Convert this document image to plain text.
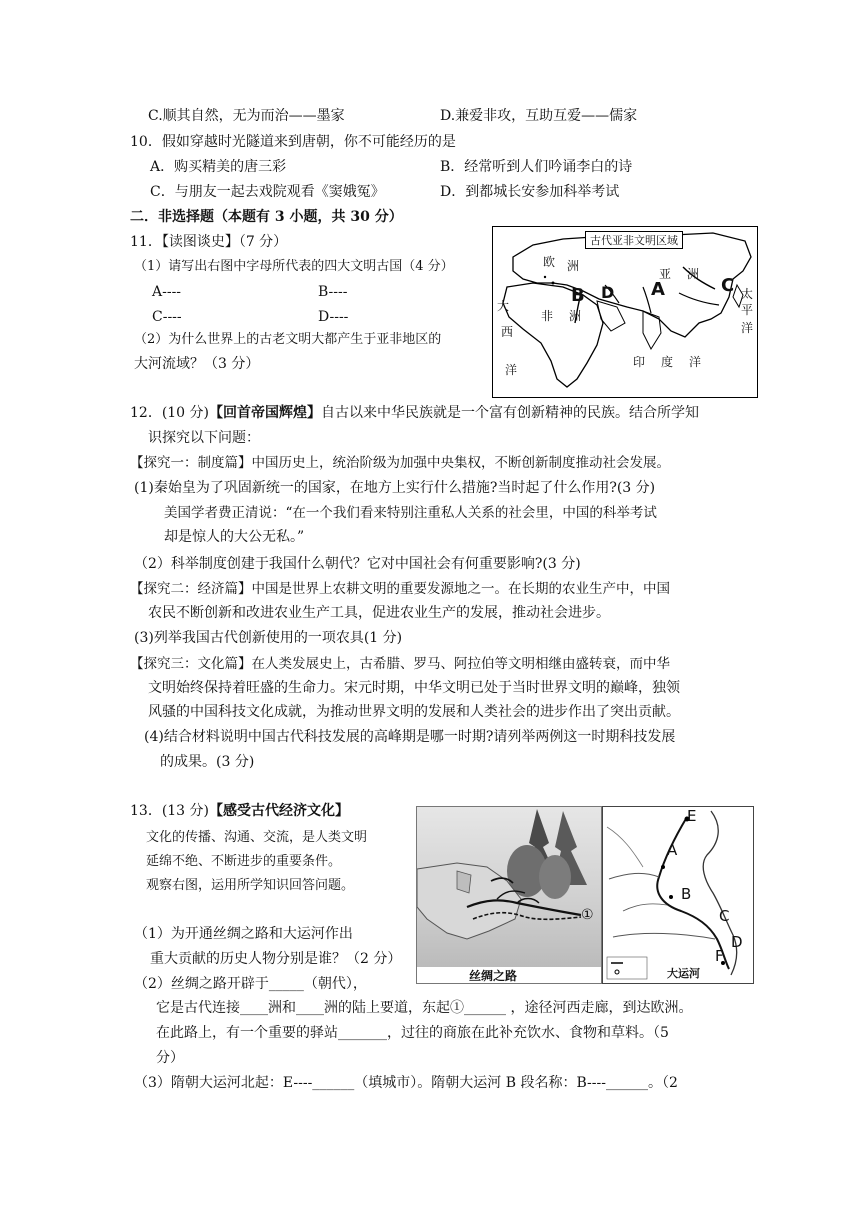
C.顺其自然，无为而治——墨家	D.兼爱非攻，互助互爱——儒家
10．假如穿越时光隧道来到唐朝，你不可能经历的是
A．购买精美的唐三彩	B．经常听到人们吟诵李白的诗
C．与朋友一起去戏院观看《窦娥冤》	D．到都城长安参加科举考试
二．非选择题（本题有 3 小题，共 30 分）
11．【读图谈史】（7 分）
（1）请写出右图中字母所代表的四大文明古国（4 分）
A----	B----
C----	D----
（2）为什么世界上的古老文明大都产生于亚非地区的
大河流域？（3 分）
古代亚非文明区域
欧 洲
亚 洲
大
西
洋
非 洲
印 度 洋
太
平
洋
A
B	C
D
12．(10 分)【回首帝国辉煌】自古以来中华民族就是一个富有创新精神的民族。结合所学知
识探究以下问题：
【探究一：制度篇】中国历史上，统治阶级为加强中央集权，不断创新制度推动社会发展。
(1)秦始皇为了巩固新统一的国家，在地方上实行什么措施?当时起了什么作用?(3 分)
美国学者费正清说：“在一个我们看来特别注重私人关系的社会里，中国的科举考试
却是惊人的大公无私。”
（2）科举制度创建于我国什么朝代？它对中国社会有何重要影响?(3 分)
【探究二：经济篇】中国是世界上农耕文明的重要发源地之一。在长期的农业生产中，中国
农民不断创新和改进农业生产工具，促进农业生产的发展，推动社会进步。
(3)列举我国古代创新使用的一项农具(1 分)
【探究三：文化篇】在人类发展史上，古希腊、罗马、阿拉伯等文明相继由盛转衰，而中华
文明始终保持着旺盛的生命力。宋元时期，中华文明已处于当时世界文明的巅峰，独领
风骚的中国科技文化成就，为推动世界文明的发展和人类社会的进步作出了突出贡献。
(4)结合材料说明中国古代科技发展的高峰期是哪一时期?请列举两例这一时期科技发展
的成果。(3 分)
13．(13 分)【感受古代经济文化】
文化的传播、沟通、交流，是人类文明
延绵不绝、不断进步的重要条件。
观察右图，运用所学知识回答问题。
（1）为开通丝绸之路和大运河作出
重大贡献的历史人物分别是谁？（2 分）
（2）丝绸之路开辟于_____（朝代），
它是古代连接____洲和____洲的陆上要道，东起①______ ，途径河西走廊，到达欧洲。
在此路上，有一个重要的驿站_______，过往的商旅在此补充饮水、食物和草料。（5
分）
（3）隋朝大运河北起：E----______（填城市）。隋朝大运河 B 段名称：B----______。（2
①
丝绸之路
E
A
B
C
D
F
大运河
